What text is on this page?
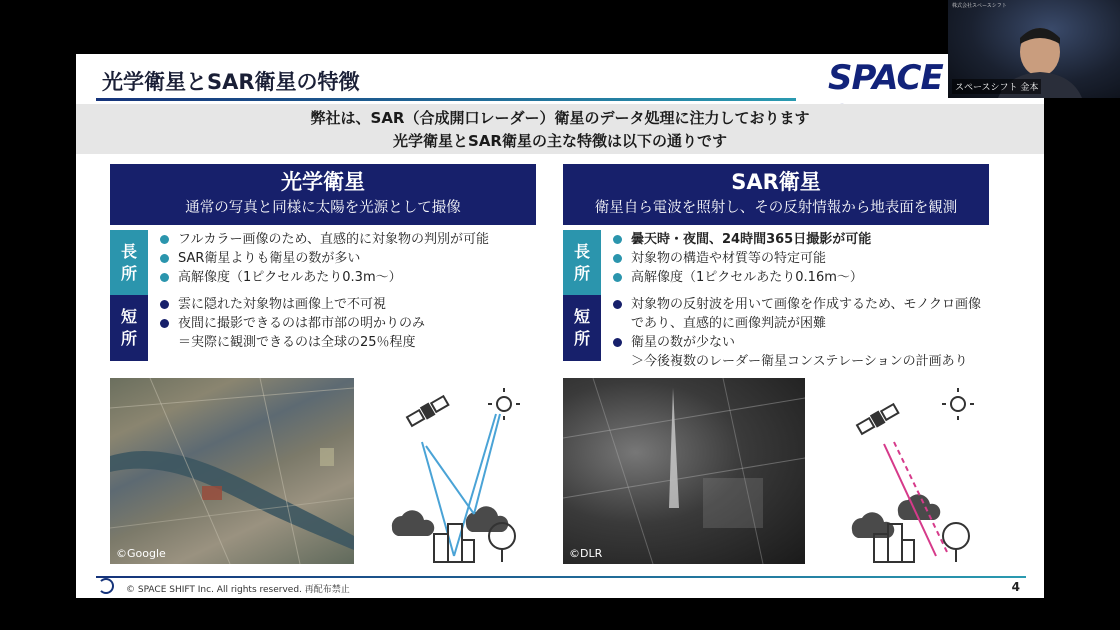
光学衛星とSAR衛星の特徴	SPACE
弊社は、SAR（合成開口レーダー）衛星のデータ処理に注力しております
光学衛星とSAR衛星の主な特徴は以下の通りです
光学衛星
通常の写真と同様に太陽を光源として撮像
長
所
フルカラー画像のため、直感的に対象物の判別が可能
SAR衛星よりも衛星の数が多い
高解像度（1ピクセルあたり0.3m～）
短
所
雲に隠れた対象物は画像上で不可視
夜間に撮影できるのは都市部の明かりのみ
＝実際に観測できるのは全球の25％程度
SAR衛星
衛星自ら電波を照射し、その反射情報から地表面を観測
長
所
曇天時・夜間、24時間365日撮影が可能
対象物の構造や材質等の特定可能
高解像度（1ピクセルあたり0.16m～）
短
所
対象物の反射波を用いて画像を作成するため、モノクロ画像
であり、直感的に画像判読が困難
衛星の数が少ない
＞今後複数のレーダー衛星コンステレーションの計画あり
©Google	©DLR
© SPACE SHIFT Inc. All rights reserved. 再配布禁止	4
株式会社スペースシフト
スペースシフト 金本
